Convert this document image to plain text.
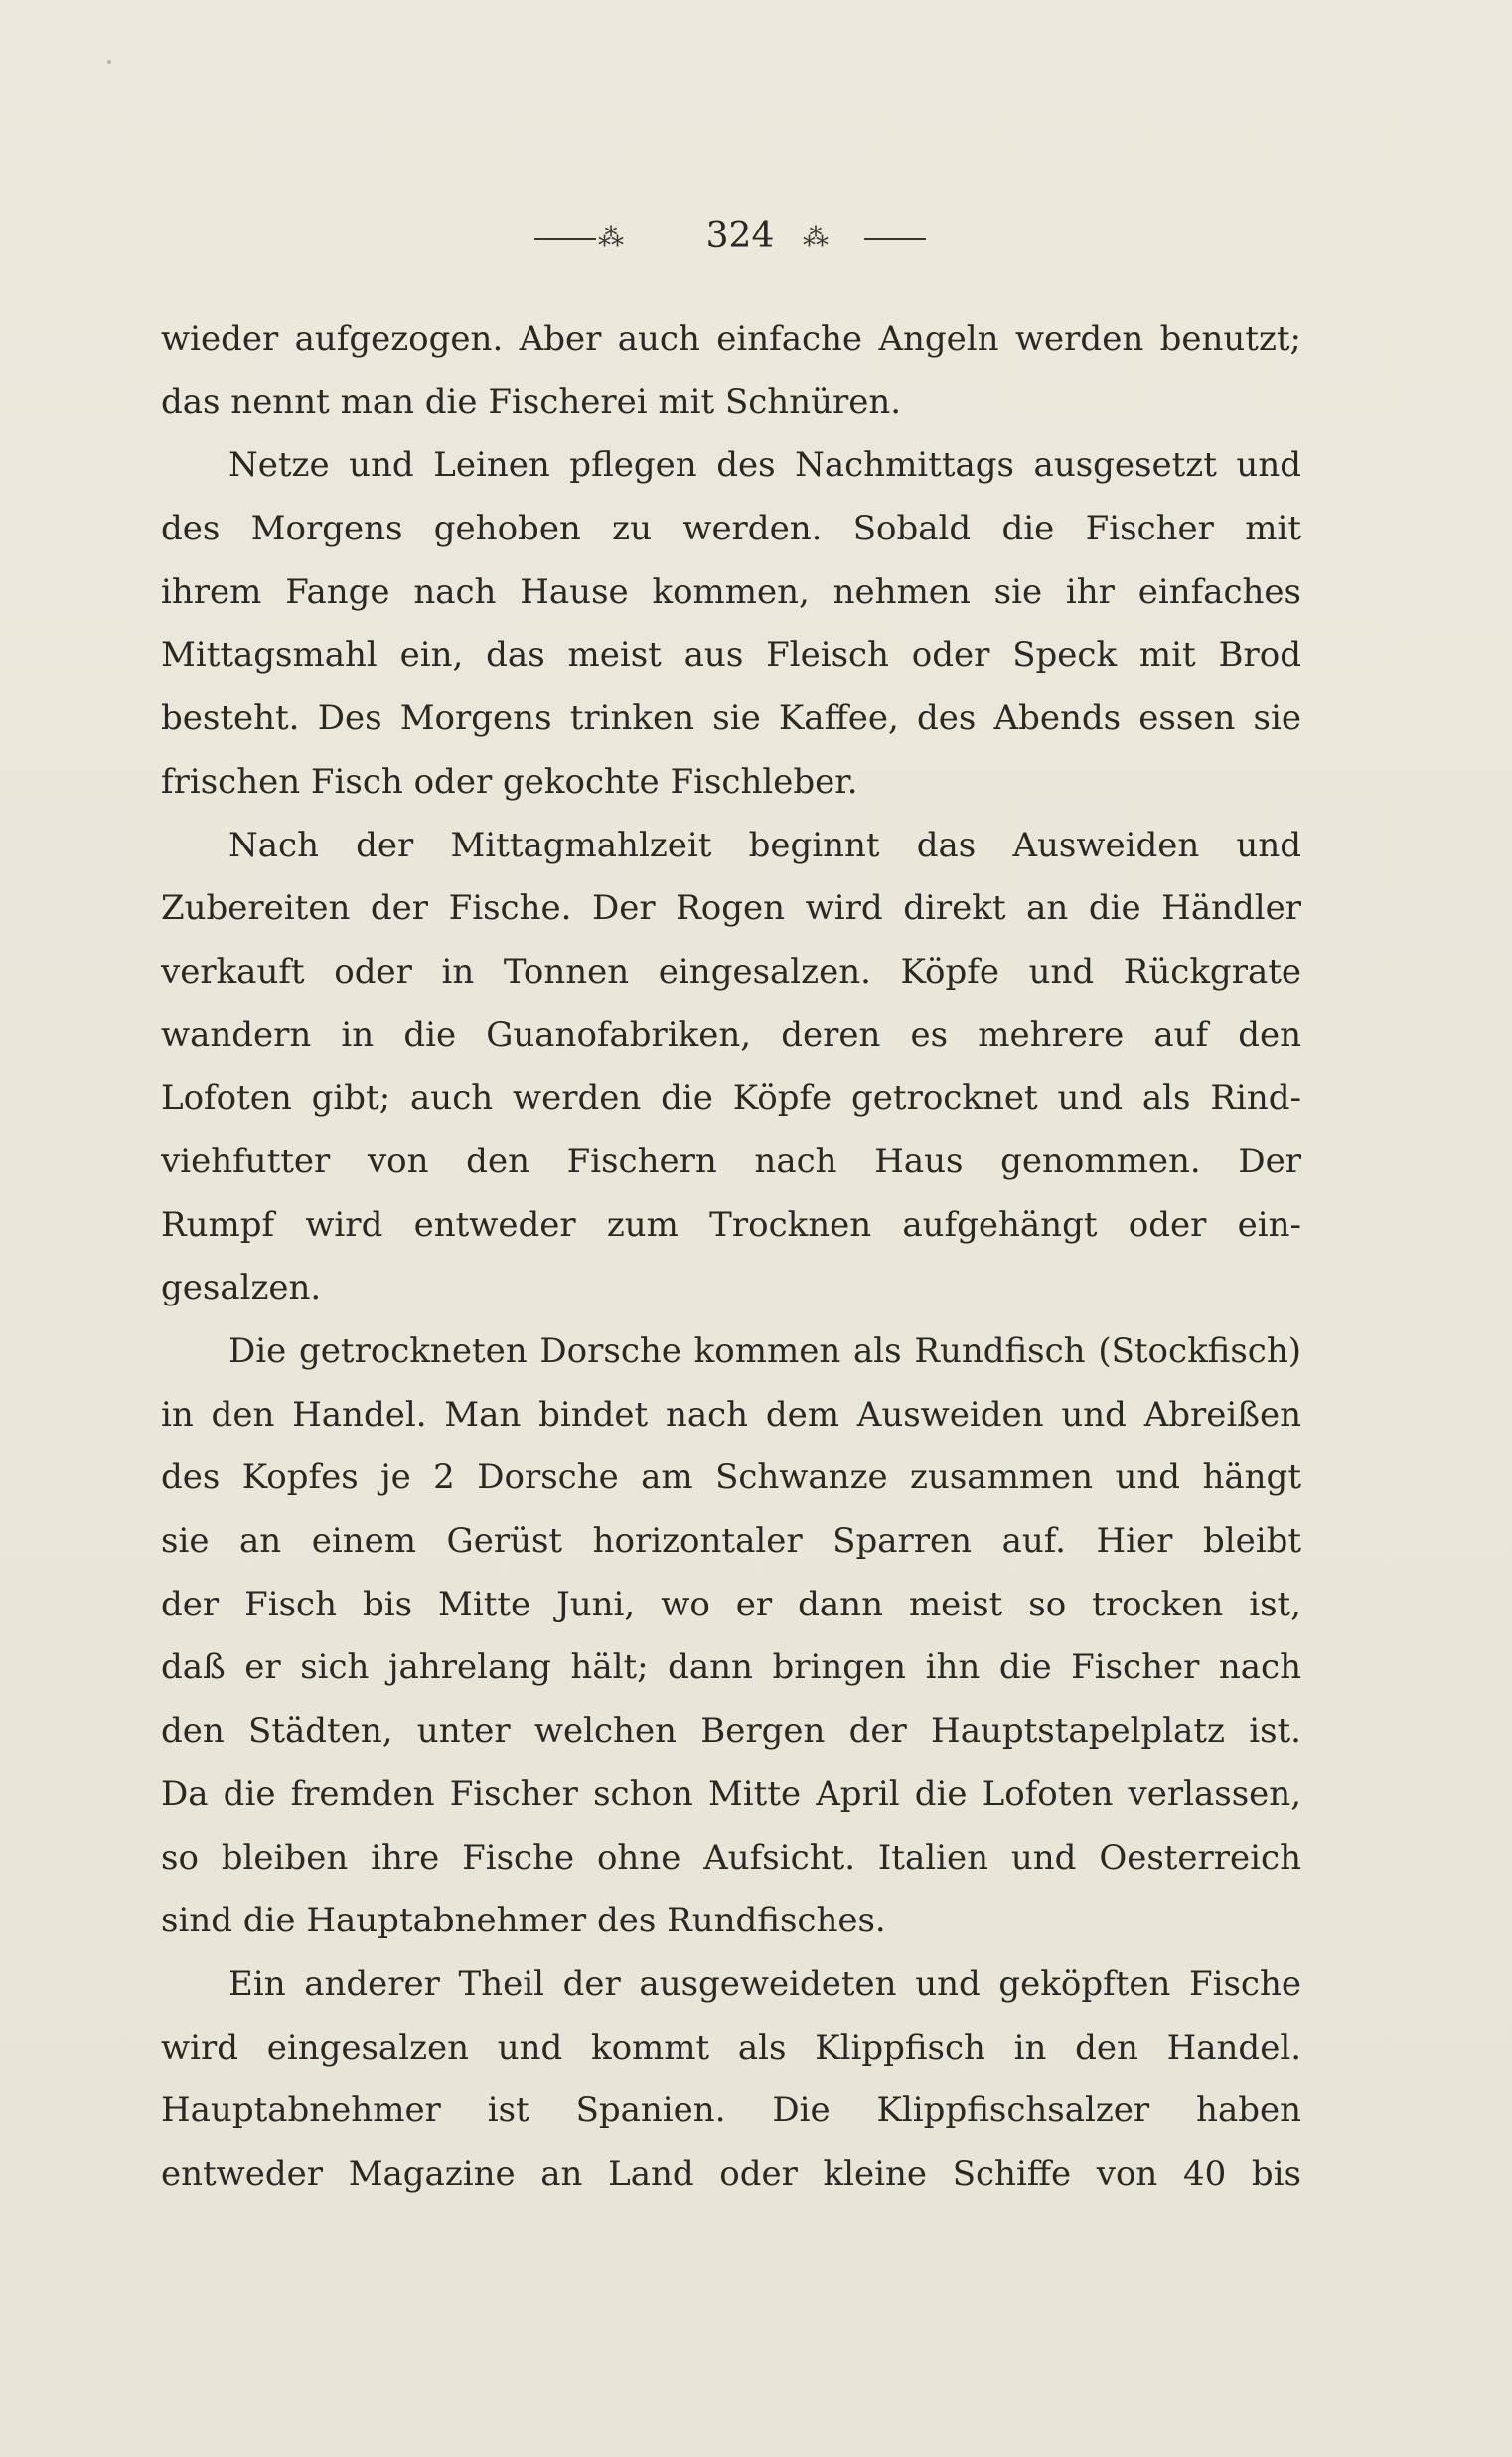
⁂	324	⁂
wieder aufgezogen. Aber auch einfache Angeln werden benutzt;
das nennt man die Fischerei mit Schnüren.
Netze und Leinen pflegen des Nachmittags ausgesetzt und
des Morgens gehoben zu werden. Sobald die Fischer mit
ihrem Fange nach Hause kommen, nehmen sie ihr einfaches
Mittagsmahl ein, das meist aus Fleisch oder Speck mit Brod
besteht. Des Morgens trinken sie Kaffee, des Abends essen sie
frischen Fisch oder gekochte Fischleber.
Nach der Mittagmahlzeit beginnt das Ausweiden und
Zubereiten der Fische. Der Rogen wird direkt an die Händler
verkauft oder in Tonnen eingesalzen. Köpfe und Rückgrate
wandern in die Guanofabriken, deren es mehrere auf den
Lofoten gibt; auch werden die Köpfe getrocknet und als Rind-
viehfutter von den Fischern nach Haus genommen. Der
Rumpf wird entweder zum Trocknen aufgehängt oder ein-
gesalzen.
Die getrockneten Dorsche kommen als Rundfisch (Stockfisch)
in den Handel. Man bindet nach dem Ausweiden und Abreißen
des Kopfes je 2 Dorsche am Schwanze zusammen und hängt
sie an einem Gerüst horizontaler Sparren auf. Hier bleibt
der Fisch bis Mitte Juni, wo er dann meist so trocken ist,
daß er sich jahrelang hält; dann bringen ihn die Fischer nach
den Städten, unter welchen Bergen der Hauptstapelplatz ist.
Da die fremden Fischer schon Mitte April die Lofoten verlassen,
so bleiben ihre Fische ohne Aufsicht. Italien und Oesterreich
sind die Hauptabnehmer des Rundfisches.
Ein anderer Theil der ausgeweideten und geköpften Fische
wird eingesalzen und kommt als Klippfisch in den Handel.
Hauptabnehmer ist Spanien. Die Klippfischsalzer haben
entweder Magazine an Land oder kleine Schiffe von 40 bis
